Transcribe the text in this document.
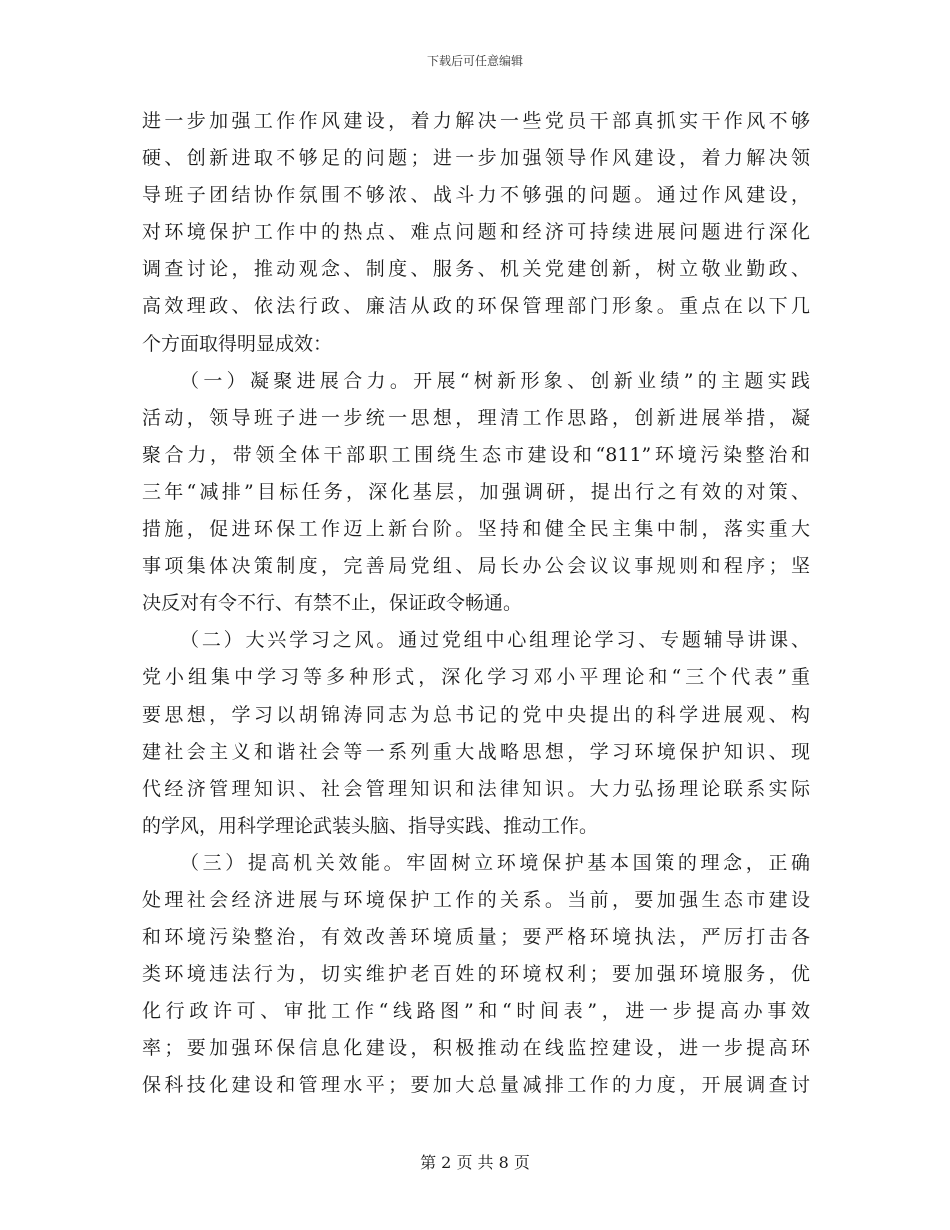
下载后可任意编辑
进一步加强工作作风建设，着力解决一些党员干部真抓实干作风不够
硬、创新进取不够足的问题；进一步加强领导作风建设，着力解决领
导班子团结协作氛围不够浓、战斗力不够强的问题。通过作风建设，
对环境保护工作中的热点、难点问题和经济可持续进展问题进行深化
调查讨论，推动观念、制度、服务、机关党建创新，树立敬业勤政、
高效理政、依法行政、廉洁从政的环保管理部门形象。重点在以下几
个方面取得明显成效：
（一）凝聚进展合力。开展“树新形象、创新业绩”的主题实践
活动，领导班子进一步统一思想，理清工作思路，创新进展举措，凝
聚合力，带领全体干部职工围绕生态市建设和“811”环境污染整治和
三年“减排”目标任务，深化基层，加强调研，提出行之有效的对策、
措施，促进环保工作迈上新台阶。坚持和健全民主集中制，落实重大
事项集体决策制度，完善局党组、局长办公会议议事规则和程序；坚
决反对有令不行、有禁不止，保证政令畅通。
（二）大兴学习之风。通过党组中心组理论学习、专题辅导讲课、
党小组集中学习等多种形式，深化学习邓小平理论和“三个代表”重
要思想，学习以胡锦涛同志为总书记的党中央提出的科学进展观、构
建社会主义和谐社会等一系列重大战略思想，学习环境保护知识、现
代经济管理知识、社会管理知识和法律知识。大力弘扬理论联系实际
的学风，用科学理论武装头脑、指导实践、推动工作。
（三）提高机关效能。牢固树立环境保护基本国策的理念，正确
处理社会经济进展与环境保护工作的关系。当前，要加强生态市建设
和环境污染整治，有效改善环境质量；要严格环境执法，严厉打击各
类环境违法行为，切实维护老百姓的环境权利；要加强环境服务，优
化行政许可、审批工作“线路图”和“时间表”，进一步提高办事效
率；要加强环保信息化建设，积极推动在线监控建设，进一步提高环
保科技化建设和管理水平；要加大总量减排工作的力度，开展调查讨
第 2 页 共 8 页
